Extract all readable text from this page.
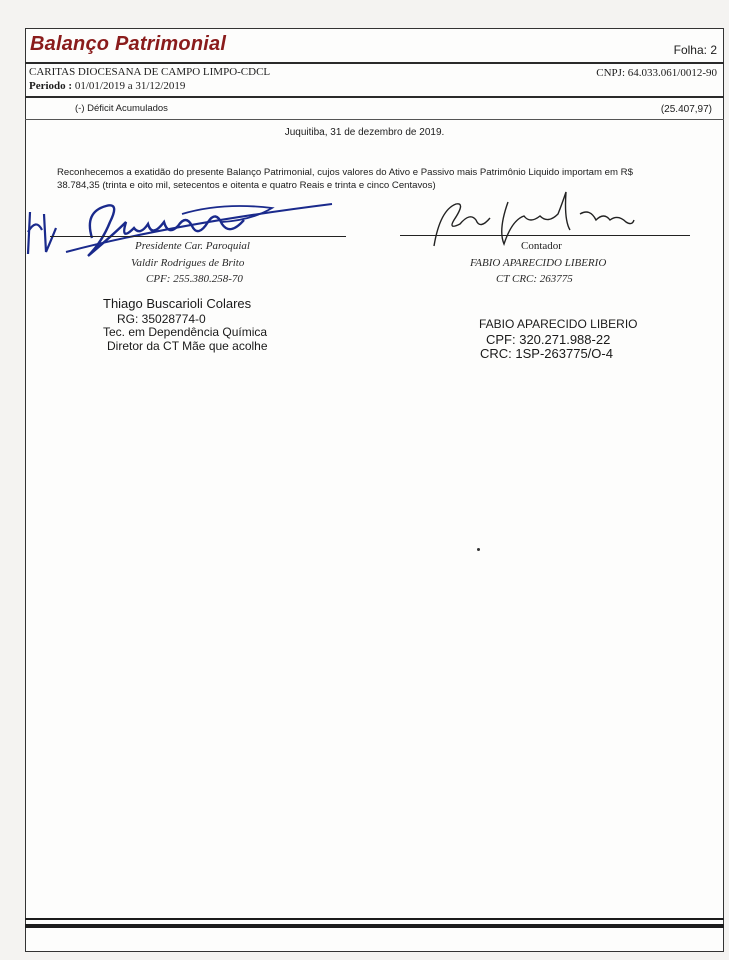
Balanço Patrimonial	Folha: 2
CARITAS DIOCESANA DE CAMPO LIMPO-CDCL	CNPJ: 64.033.061/0012-90
Periodo : 01/01/2019 a 31/12/2019
(-) Déficit Acumulados	(25.407,97)
Juquitiba, 31 de dezembro de 2019.
Reconhecemos a exatidão do presente Balanço Patrimonial, cujos valores do Ativo e Passivo mais Patrimônio Liquido importam em R$
38.784,35 (trinta e oito mil, setecentos e oitenta e quatro Reais e trinta e cinco Centavos)
Presidente Car. Paroquial
Valdir Rodrigues de Brito
CPF: 255.380.258-70
Contador
FABIO APARECIDO LIBERIO
CT CRC: 263775
Thiago Buscarioli Colares
RG: 35028774-0
Tec. em Dependência Química
Diretor da CT Mãe que acolhe
FABIO APARECIDO LIBERIO
CPF: 320.271.988-22
CRC: 1SP-263775/O-4
